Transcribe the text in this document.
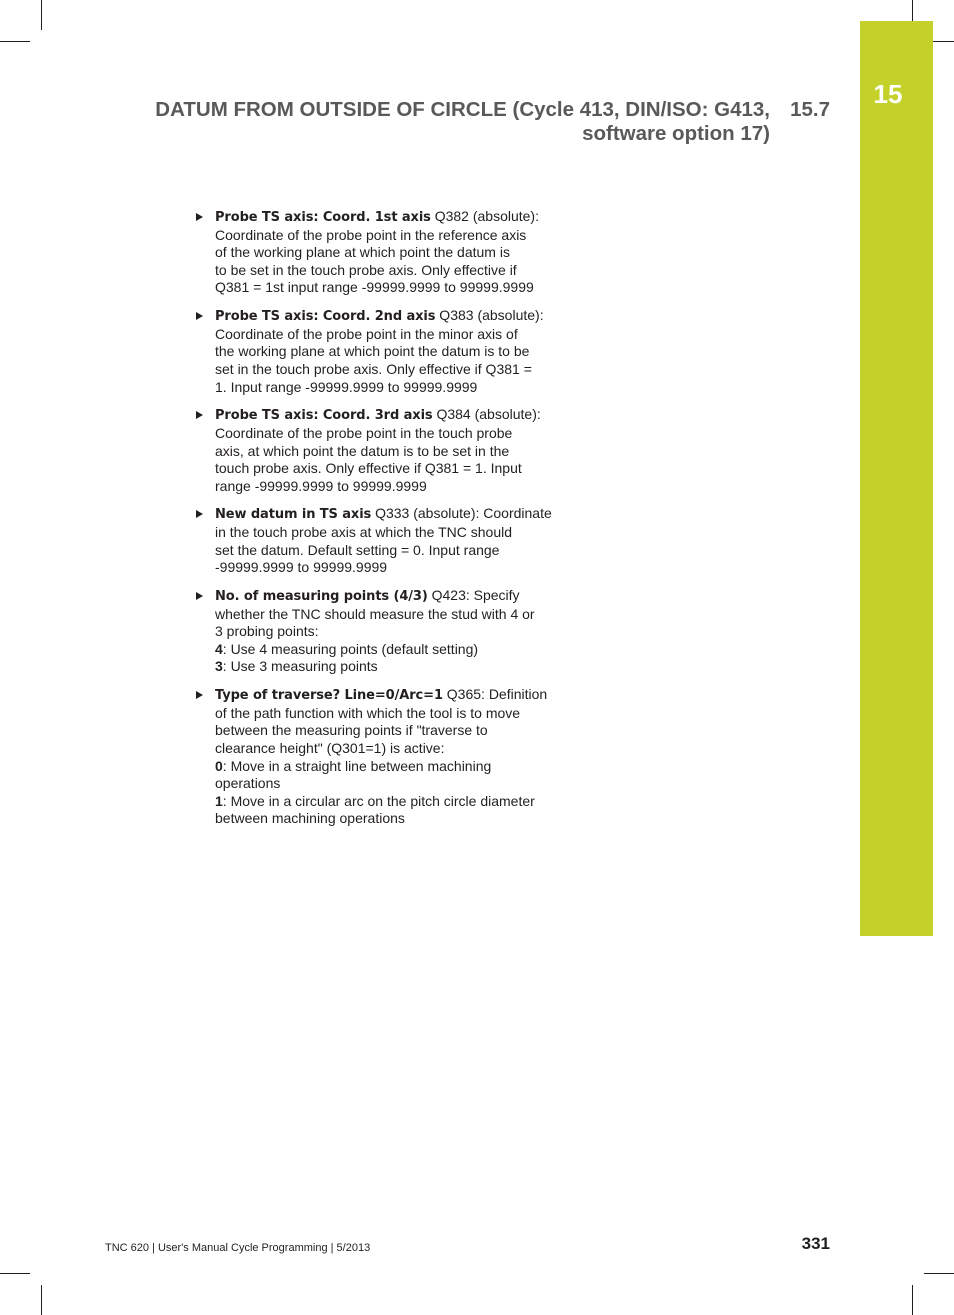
15
DATUM FROM OUTSIDE OF CIRCLE (Cycle 413, DIN/ISO: G413,
software option 17)
15.7
Probe TS axis: Coord. 1st axis Q382 (absolute):
Coordinate of the probe point in the reference axis
of the working plane at which point the datum is
to be set in the touch probe axis. Only effective if
Q381 = 1st input range -99999.9999 to 99999.9999
Probe TS axis: Coord. 2nd axis Q383 (absolute):
Coordinate of the probe point in the minor axis of
the working plane at which point the datum is to be
set in the touch probe axis. Only effective if Q381 =
1. Input range -99999.9999 to 99999.9999
Probe TS axis: Coord. 3rd axis Q384 (absolute):
Coordinate of the probe point in the touch probe
axis, at which point the datum is to be set in the
touch probe axis. Only effective if Q381 = 1. Input
range -99999.9999 to 99999.9999
New datum in TS axis Q333 (absolute): Coordinate
in the touch probe axis at which the TNC should
set the datum. Default setting = 0. Input range
-99999.9999 to 99999.9999
No. of measuring points (4/3) Q423: Specify
whether the TNC should measure the stud with 4 or
3 probing points:
4: Use 4 measuring points (default setting)
3: Use 3 measuring points
Type of traverse? Line=0/Arc=1 Q365: Definition
of the path function with which the tool is to move
between the measuring points if "traverse to
clearance height" (Q301=1) is active:
0: Move in a straight line between machining
operations
1: Move in a circular arc on the pitch circle diameter
between machining operations
TNC 620 | User's Manual Cycle Programming | 5/2013	331
